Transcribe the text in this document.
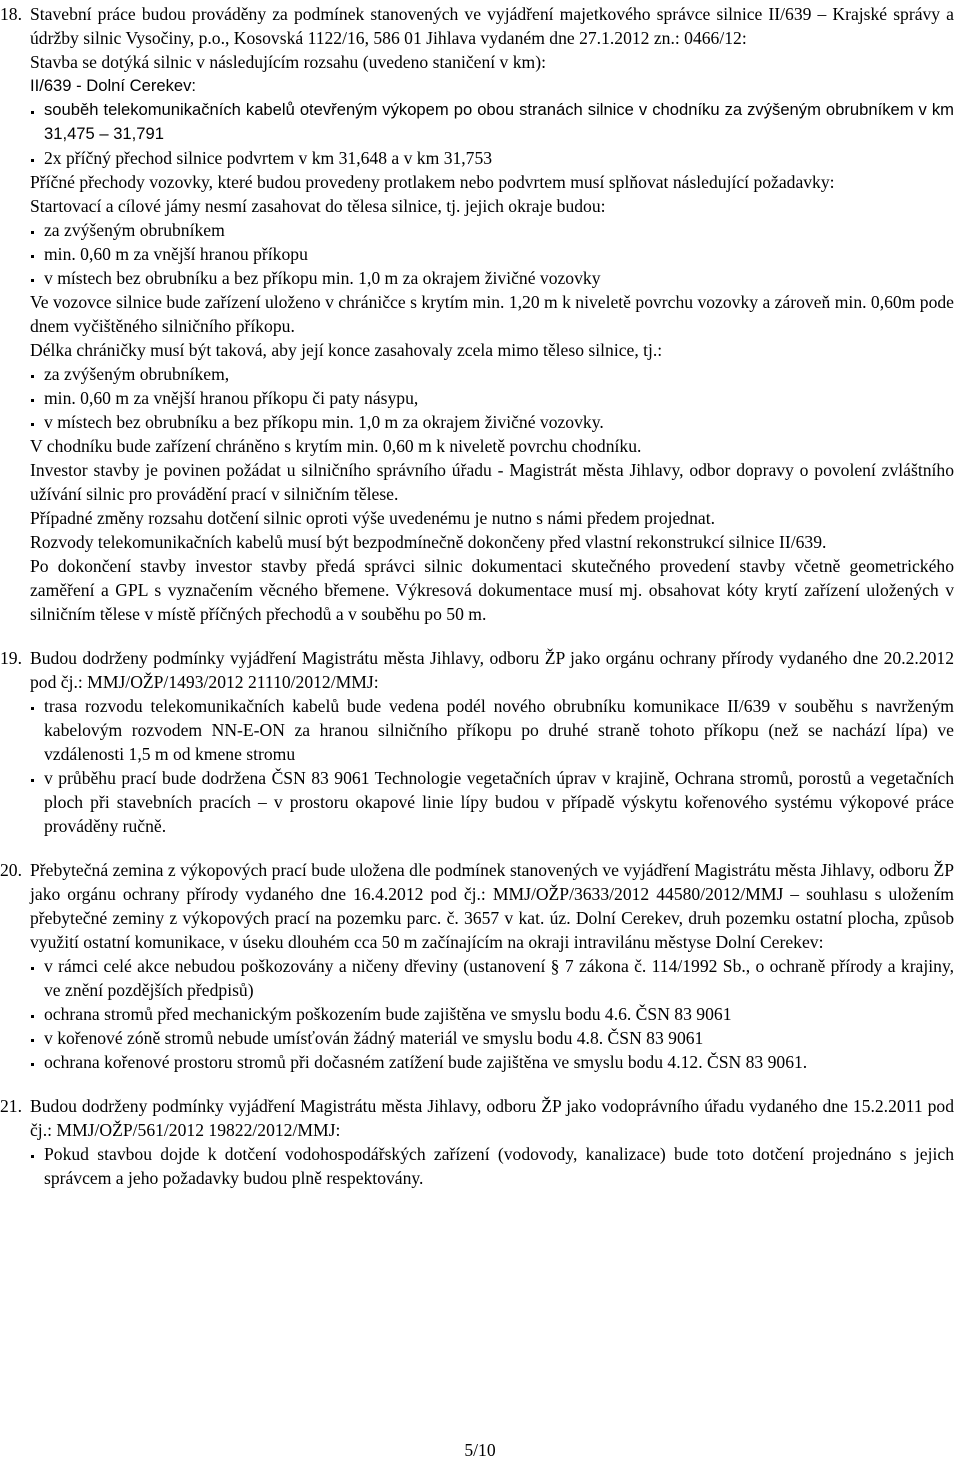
18. Stavební práce budou prováděny za podmínek stanovených ve vyjádření majetkového správce silnice II/639 – Krajské správy a údržby silnic Vysočiny, p.o., Kosovská 1122/16, 586 01 Jihlava vydaném dne 27.1.2012 zn.: 0466/12:

Stavba se dotýká silnic v následujícím rozsahu (uvedeno staničení v km):

II/639 - Dolní Cerekev:

souběh telekomunikačních kabelů otevřeným výkopem po obou stranách silnice v chodníku za zvýšeným obrubníkem v km 31,475 – 31,791

2x příčný přechod silnice podvrtem v km 31,648 a v km 31,753

Příčné přechody vozovky, které budou provedeny protlakem nebo podvrtem musí splňovat následující požadavky:

Startovací a cílové jámy nesmí zasahovat do tělesa silnice, tj. jejich okraje budou:

za zvýšeným obrubníkem

min. 0,60 m za vnější hranou příkopu

v místech bez obrubníku a bez příkopu min. 1,0 m za okrajem živičné vozovky

Ve vozovce silnice bude zařízení uloženo v chráničce s krytím min. 1,20 m k niveletě povrchu vozovky a zároveň min. 0,60m pode dnem vyčištěného silničního příkopu.

Délka chráničky musí být taková, aby její konce zasahovaly zcela mimo těleso silnice, tj.:

za zvýšeným obrubníkem,

min. 0,60 m za vnější hranou příkopu či paty násypu,

v místech bez obrubníku a bez příkopu min. 1,0 m za okrajem živičné vozovky.

V chodníku bude zařízení chráněno s krytím min. 0,60 m k niveletě povrchu chodníku.

Investor stavby je povinen požádat u silničního správního úřadu - Magistrát města Jihlavy, odbor dopravy o povolení zvláštního užívání silnic pro provádění prací v silničním tělese.

Případné změny rozsahu dotčení silnic oproti výše uvedenému je nutno s námi předem projednat.

Rozvody telekomunikačních kabelů musí být bezpodmínečně dokončeny před vlastní rekonstrukcí silnice II/639.

Po dokončení stavby investor stavby předá správci silnic dokumentaci skutečného provedení stavby včetně geometrického zaměření a GPL s vyznačením věcného břemene. Výkresová dokumentace musí mj. obsahovat kóty krytí zařízení uložených v silničním tělese v místě příčných přechodů a v souběhu po 50 m.

19. Budou dodrženy podmínky vyjádření Magistrátu města Jihlavy, odboru ŽP jako orgánu ochrany přírody vydaného dne 20.2.2012 pod čj.: MMJ/OŽP/1493/2012 21110/2012/MMJ:

trasa rozvodu telekomunikačních kabelů bude vedena podél nového obrubníku komunikace II/639 v souběhu s navrženým kabelovým rozvodem NN-E-ON za hranou silničního příkopu po druhé straně tohoto příkopu (než se nachází lípa) ve vzdálenosti 1,5 m od kmene stromu

v průběhu prací bude dodržena ČSN 83 9061 Technologie vegetačních úprav v krajině, Ochrana stromů, porostů a vegetačních ploch při stavebních pracích – v prostoru okapové linie lípy budou v případě výskytu kořenového systému výkopové práce prováděny ručně.

20. Přebytečná zemina z výkopových prací bude uložena dle podmínek stanovených ve vyjádření Magistrátu města Jihlavy, odboru ŽP jako orgánu ochrany přírody vydaného dne 16.4.2012 pod čj.: MMJ/OŽP/3633/2012 44580/2012/MMJ – souhlasu s uložením přebytečné zeminy z výkopových prací na pozemku parc. č. 3657 v kat. úz. Dolní Cerekev, druh pozemku ostatní plocha, způsob využití ostatní komunikace, v úseku dlouhém cca 50 m začínajícím na okraji intravilánu městyse Dolní Cerekev:

v rámci celé akce nebudou poškozovány a ničeny dřeviny (ustanovení § 7 zákona č. 114/1992 Sb., o ochraně přírody a krajiny, ve znění pozdějších předpisů)

ochrana stromů před mechanickým poškozením bude zajištěna ve smyslu bodu 4.6. ČSN 83 9061

v kořenové zóně stromů nebude umísťován žádný materiál ve smyslu bodu 4.8. ČSN 83 9061

ochrana kořenové prostoru stromů při dočasném zatížení bude zajištěna ve smyslu bodu 4.12. ČSN 83 9061.

21. Budou dodrženy podmínky vyjádření Magistrátu města Jihlavy, odboru ŽP jako vodoprávního úřadu vydaného dne 15.2.2011 pod čj.: MMJ/OŽP/561/2012 19822/2012/MMJ:

Pokud stavbou dojde k dotčení vodohospodářských zařízení (vodovody, kanalizace) bude toto dotčení projednáno s jejich správcem a jeho požadavky budou plně respektovány.

5/10
